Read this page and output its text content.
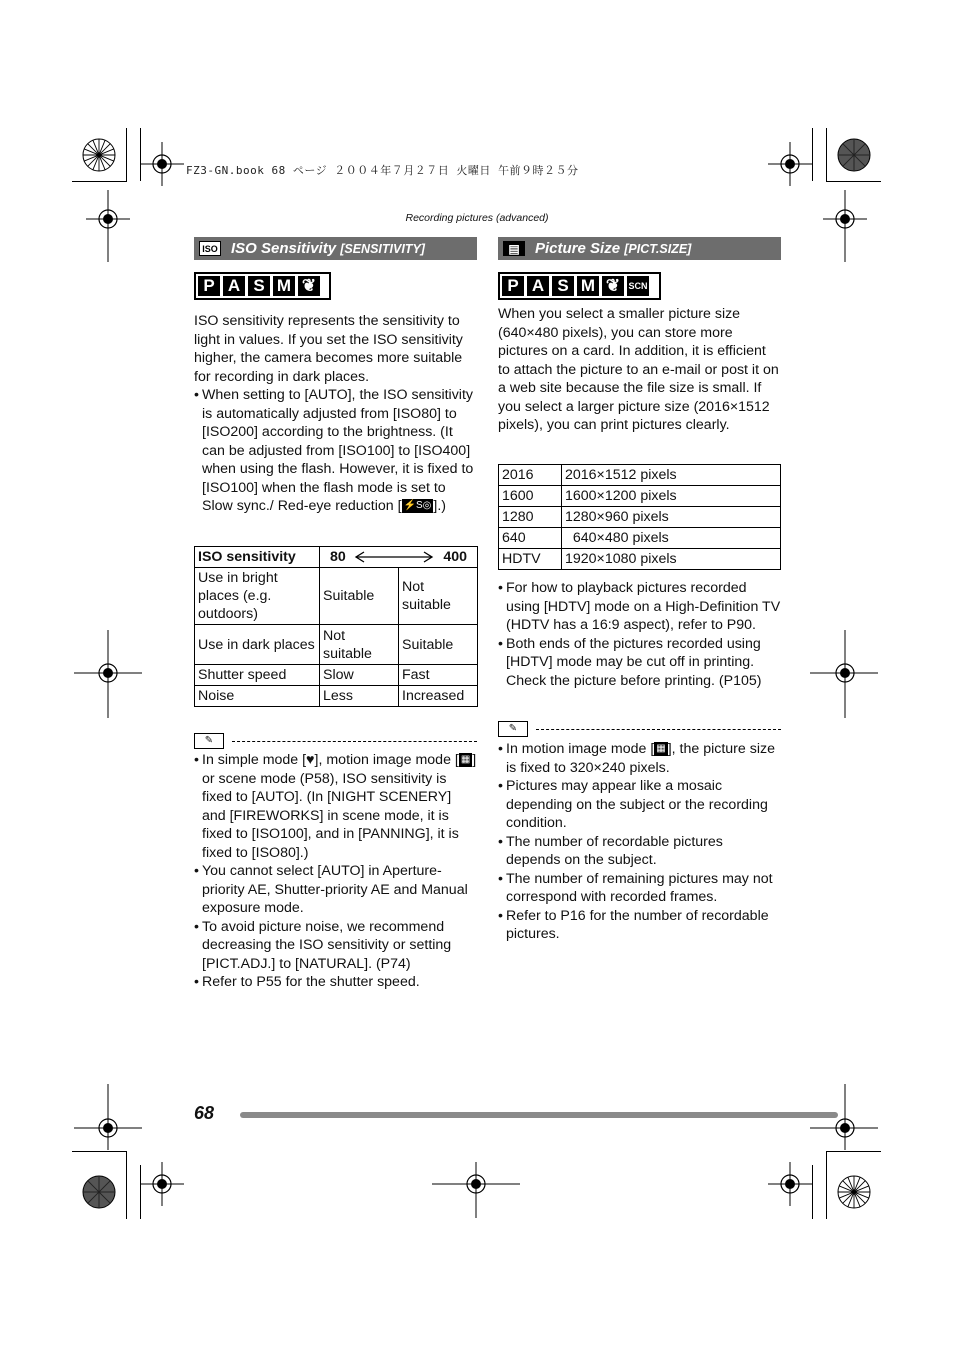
FZ3-GN.book 68 ページ ２００４年７月２７日 火曜日 午前９時２５分
Recording pictures (advanced)
ISO ISO Sensitivity [SENSITIVITY]
P A S M ❦

ISO sensitivity represents the sensitivity to light in values. If you set the ISO sensitivity higher, the camera becomes more suitable for recording in dark places.

• When setting to [AUTO], the ISO sensitivity is automatically adjusted from [ISO80] to [ISO200] according to the brightness. (It can be adjusted from [ISO100] to [ISO400] when using the flash. However, it is fixed to [ISO100] when the flash mode is set to Slow sync./ Red-eye reduction [ ⚡S◎ ].)
ISO sensitivity	80 400	

Use in bright places (e.g. outdoors)	Suitable	Not suitable
Use in dark places	Not suitable	Suitable
Shutter speed	Slow	Fast
Noise	Less	Increased
✎
• In simple mode [♥], motion image mode [ ▦ ] or scene mode (P58), ISO sensitivity is fixed to [AUTO]. (In [NIGHT SCENERY] and [FIREWORKS] in scene mode, it is fixed to [ISO100], and in [PANNING], it is fixed to [ISO80].)
• You cannot select [AUTO] in Aperture-priority AE, Shutter-priority AE and Manual exposure mode.
• To avoid picture noise, we recommend decreasing the ISO sensitivity or setting [PICT.ADJ.] to [NATURAL]. (P74)
• Refer to P55 for the shutter speed.
▤	Picture Size [PICT.SIZE]
P A S M ❦ SCN

When you select a smaller picture size (640×480 pixels), you can store more pictures on a card. In addition, it is efficient to attach the picture to an e-mail or post it on a web site because the file size is small. If you select a larger picture size (2016×1512 pixels), you can print pictures clearly.

2016	2016×1512 pixels
1600	1600×1200 pixels
1280	1280×960 pixels
640	640×480 pixels
HDTV	1920×1080 pixels
• For how to playback pictures recorded using [HDTV] mode on a High-Definition TV (HDTV has a 16:9 aspect), refer to P90.
• Both ends of the pictures recorded using [HDTV] mode may be cut off in printing. Check the picture before printing. (P105)
✎
• In motion image mode [ ▦ ], the picture size is fixed to 320×240 pixels.
• Pictures may appear like a mosaic depending on the subject or the recording condition.
• The number of recordable pictures depends on the subject.
• The number of remaining pictures may not correspond with recorded frames.
• Refer to P16 for the number of recordable pictures.
68
